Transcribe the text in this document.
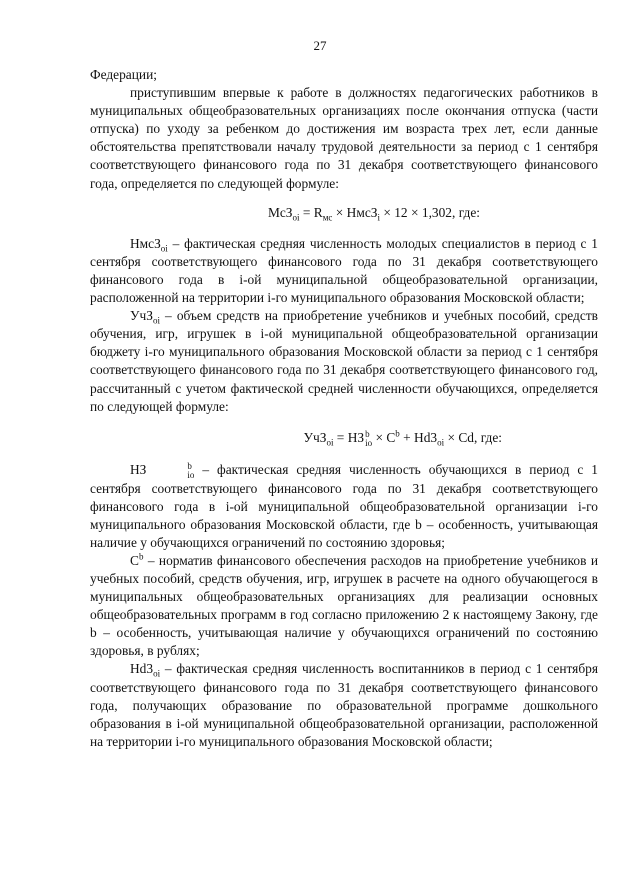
27

Федерации;

приступившим впервые к работе в должностях педагогических работников в муниципальных общеобразовательных организациях после окончания отпуска (части отпуска) по уходу за ребенком до достижения им возраста трех лет, если данные обстоятельства препятствовали началу трудовой деятельности за период с 1 сентября соответствующего финансового года по 31 декабря соответствующего финансового года, определяется по следующей формуле:

$МсЗ_{oi} = R_{мс}$ × НмсЗ$_i$ × 12 × 1,302, где:

НмсЗ$_{oi}$ – фактическая средняя численность молодых специалистов в период с 1 сентября соответствующего финансового года по 31 декабря соответствующего финансового года в i-ой муниципальной общеобразовательной организации, расположенной на территории i-го муниципального образования Московской области;

УчЗ$_{oi}$ – объем средств на приобретение учебников и учебных пособий, средств обучения, игр, игрушек в i-ой муниципальной общеобразовательной организации бюджету i-го муниципального образования Московской области за период с 1 сентября соответствующего финансового года по 31 декабря соответствующего финансового год, рассчитанный с учетом фактической средней численности обучающихся, определяется по следующей формуле:

УчЗ$_{oi}$ = НЗ b
io × $С^b + Hd3_{oi} \times Cd$, где:

НЗ	b
io – фактическая средняя численность обучающихся в период с 1 сентября соответствующего финансового года по 31 декабря соответствующего финансового года в i-ой муниципальной общеобразовательной организации i-го муниципального образования Московской области, где b – особенность, учитывающая наличие у обучающихся ограничений по состоянию здоровья;

$С^b$ – норматив финансового обеспечения расходов на приобретение учебников и учебных пособий, средств обучения, игр, игрушек в расчете на одного обучающегося в муниципальных общеобразовательных организациях для реализации основных общеобразовательных программ в год согласно приложению 2 к настоящему Закону, где b – особенность, учитывающая наличие у обучающихся ограничений по состоянию здоровья, в рублях;

$Hd3_{oi}$ – фактическая средняя численность воспитанников в период с 1 сентября соответствующего финансового года по 31 декабря соответствующего финансового года, получающих образование по образовательной программе дошкольного образования в i-ой муниципальной общеобразовательной организации, расположенной на территории i-го муниципального образования Московской области;
